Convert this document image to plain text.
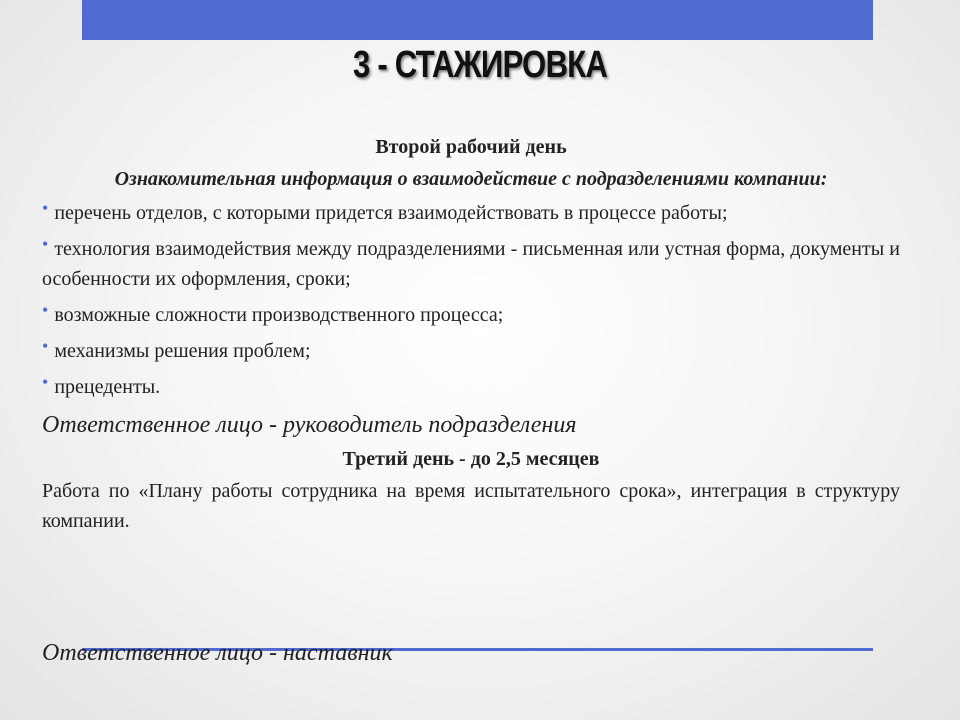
3 - СТАЖИРОВКА
Второй рабочий день
Ознакомительная информация о взаимодействие с подразделениями компании:
• перечень отделов, с которыми придется взаимодействовать в процессе работы;
• технология взаимодействия между подразделениями - письменная или устная форма, документы и особенности их оформления, сроки;
• возможные сложности производственного процесса;
• механизмы решения проблем;
• прецеденты.
Ответственное лицо - руководитель подразделения
Третий день - до 2,5 месяцев
Работа по «Плану работы сотрудника на время испытательного срока», интеграция в структуру компании.
Ответственное лицо - наставник
